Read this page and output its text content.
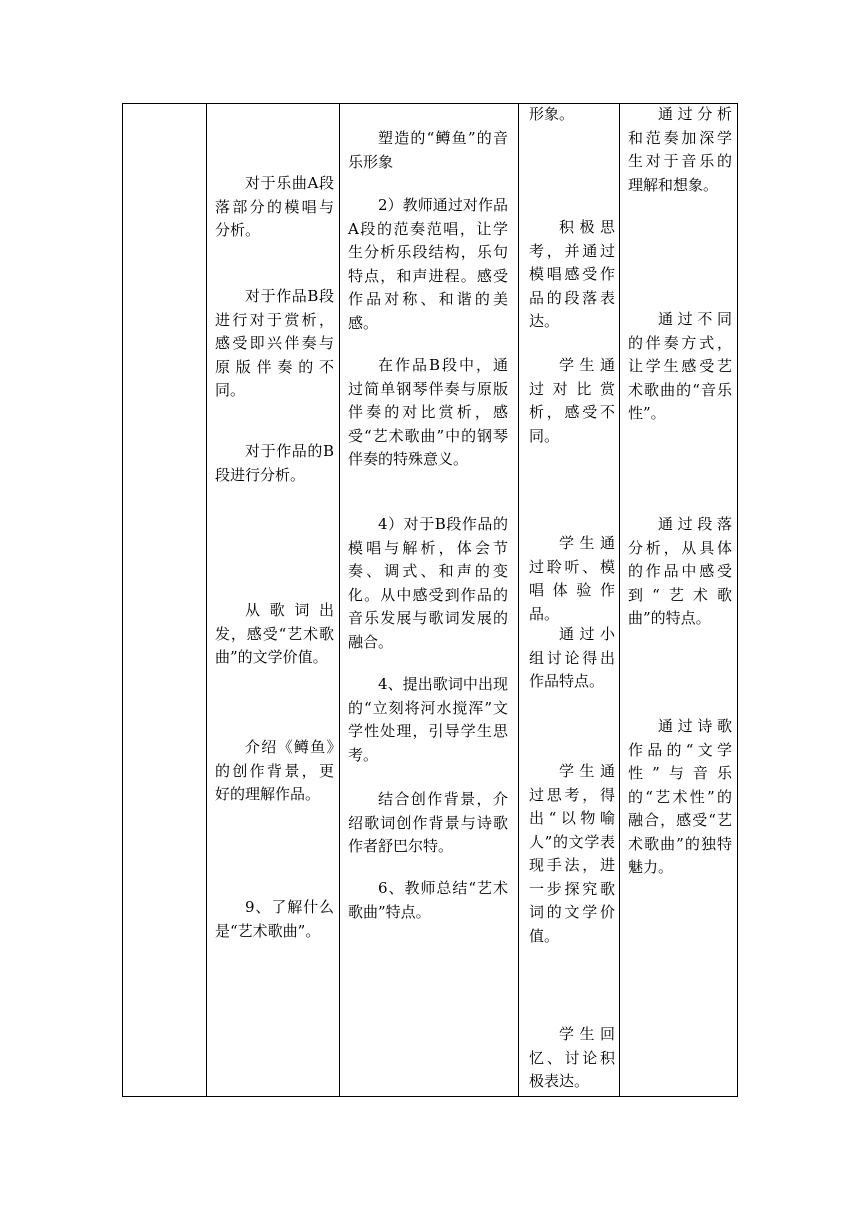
对于乐曲A段落部分的模唱与分析。

对于作品B段进行对于赏析，感受即兴伴奏与原版伴奏的不同。

对于作品的B段进行分析。

从歌词出发，感受“艺术歌曲”的文学价值。

介绍《鳟鱼》的创作背景，更好的理解作品。

9、了解什么是“艺术歌曲”。

塑造的“鳟鱼”的音乐形象

2）教师通过对作品A段的范奏范唱，让学生分析乐段结构，乐句特点，和声进程。感受作品对称、和谐的美感。

在作品B段中，通过简单钢琴伴奏与原版伴奏的对比赏析，感受“艺术歌曲”中的钢琴伴奏的特殊意义。

4）对于B段作品的模唱与解析，体会节奏、调式、和声的变化。从中感受到作品的音乐发展与歌词发展的融合。

4、提出歌词中出现的“立刻将河水搅浑”文学性处理，引导学生思考。

结合创作背景，介绍歌词创作背景与诗歌作者舒巴尔特。

6、教师总结“艺术歌曲”特点。

形象。

积极思考，并通过模唱感受作品的段落表达。

学生通过对比赏析，感受不同。

学生通过聆听、模唱体验作品。

通过小组讨论得出作品特点。

学生通过思考，得出“以物喻人”的文学表现手法，进一步探究歌词的文学价值。

学生回忆、讨论积极表达。

通过分析和范奏加深学生对于音乐的理解和想象。

通过不同的伴奏方式，让学生感受艺术歌曲的“音乐性”。

通过段落分析，从具体的作品中感受到“艺术歌曲”的特点。

通过诗歌作品的“文学性”与音乐的“艺术性”的融合，感受“艺术歌曲”的独特魅力。
